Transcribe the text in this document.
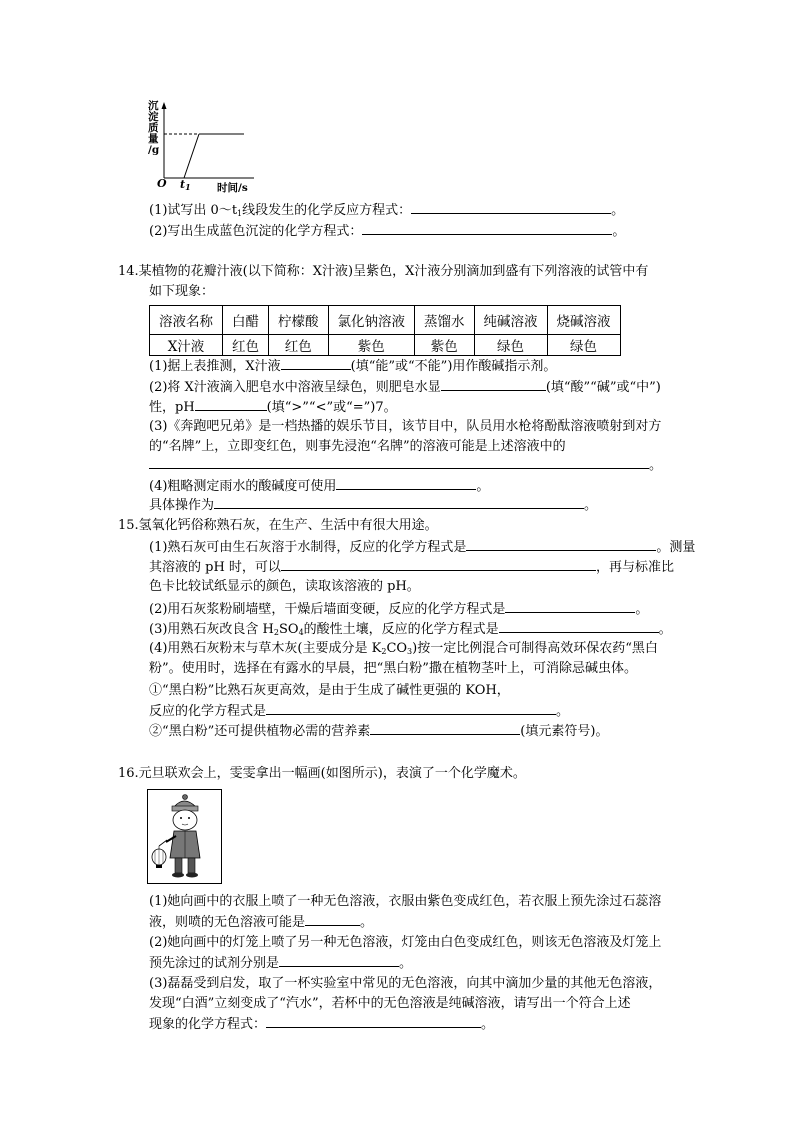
沉
淀
质
量
/g
O $t_1$	时间/s
(1)试写出 $0\sim t_1$线段发生的化学反应方程式：	。
(2)写出生成蓝色沉淀的化学方程式：	。
14.某植物的花瓣汁液(以下简称：X汁液)呈紫色，X汁液分别滴加到盛有下列溶液的试管中有
如下现象：
溶液名称	白醋	柠檬酸	氯化钠溶液	蒸馏水	纯碱溶液	烧碱溶液
X汁液	红色	红色	紫色	紫色	绿色	绿色
(1)据上表推测，X汁液	(填“能”或“不能”)用作酸碱指示剂。
(2)将 X汁液滴入肥皂水中溶液呈绿色，则肥皂水显	(填“酸”“碱”或“中”)
性，pH	(填“>”“<”或“=”)7。
(3)《奔跑吧兄弟》是一档热播的娱乐节目，该节目中，队员用水枪将酚酞溶液喷射到对方
的“名牌”上，立即变红色，则事先浸泡“名牌”的溶液可能是上述溶液中的
。
(4)粗略测定雨水的酸碱度可使用	。
具体操作为	。
15.氢氧化钙俗称熟石灰，在生产、生活中有很大用途。
(1)熟石灰可由生石灰溶于水制得，反应的化学方程式是	。测量
其溶液的 pH 时，可以	，再与标准比
色卡比较试纸显示的颜色，读取该溶液的 pH。
(2)用石灰浆粉刷墙壁，干燥后墙面变硬，反应的化学方程式是	。
(3)用熟石灰改良含 $H_2SO_4$的酸性土壤，反应的化学方程式是	。
(4)用熟石灰粉末与草木灰(主要成分是 $K_2CO_3$)按一定比例混合可制得高效环保农药“黑白
粉”。使用时，选择在有露水的早晨，把“黑白粉”撒在植物茎叶上，可消除忌碱虫体。
①“黑白粉”比熟石灰更高效，是由于生成了碱性更强的 KOH，
反应的化学方程式是	。
②“黑白粉”还可提供植物必需的营养素	(填元素符号)。
16.元旦联欢会上，雯雯拿出一幅画(如图所示)，表演了一个化学魔术。
(1)她向画中的衣服上喷了一种无色溶液，衣服由紫色变成红色，若衣服上预先涂过石蕊溶
液，则喷的无色溶液可能是	。
(2)她向画中的灯笼上喷了另一种无色溶液，灯笼由白色变成红色，则该无色溶液及灯笼上
预先涂过的试剂分别是	。
(3)磊磊受到启发，取了一杯实验室中常见的无色溶液，向其中滴加少量的其他无色溶液，
发现“白酒”立刻变成了“汽水”，若杯中的无色溶液是纯碱溶液，请写出一个符合上述
现象的化学方程式：	。
